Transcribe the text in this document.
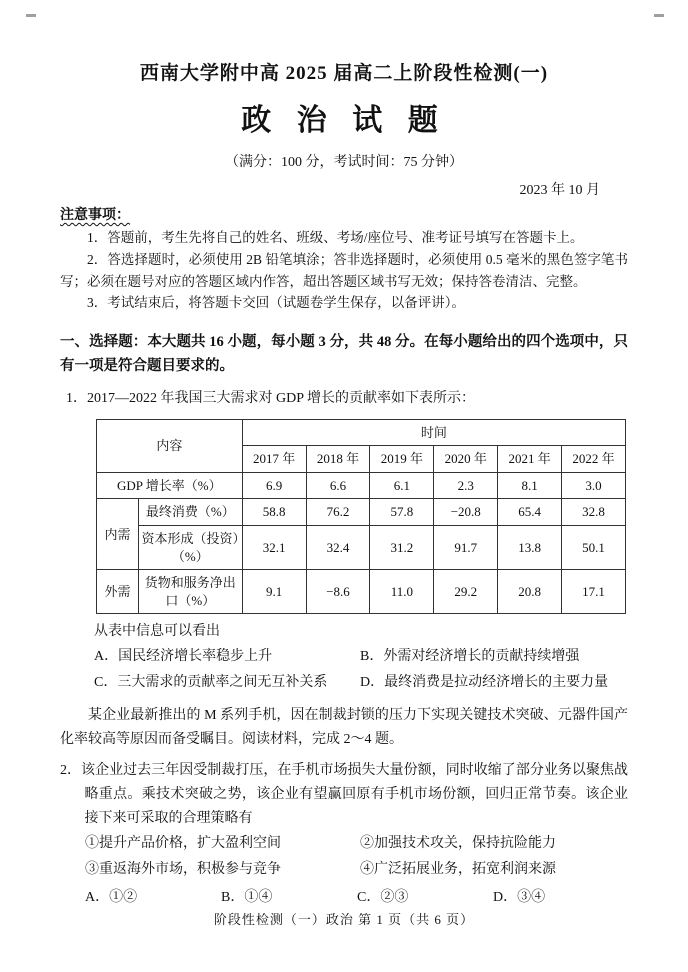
西南大学附中高 2025 届高二上阶段性检测(一)
政 治 试 题
（满分：100 分，考试时间：75 分钟）
2023 年 10 月
注意事项：

1．答题前，考生先将自己的姓名、班级、考场/座位号、准考证号填写在答题卡上。

2．答选择题时，必须使用 2B 铅笔填涂；答非选择题时，必须使用 0.5 毫米的黑色签字笔书写；必须在题号对应的答题区域内作答，超出答题区域书写无效；保持答卷清洁、完整。

3．考试结束后，将答题卡交回（试题卷学生保存，以备评讲）。

一、选择题：本大题共 16 小题，每小题 3 分，共 48 分。在每小题给出的四个选项中，只有一项是符合题目要求的。

1．2017—2022 年我国三大需求对 GDP 增长的贡献率如下表所示：

内容		时间					
		2017 年	2018 年	2019 年	2020 年	2021 年	2022 年
GDP 增长率（%）		6.9	6.6	6.1	2.3	8.1	3.0
内需	最终消费（%）	58.8	76.2	57.8	−20.8	65.4	32.8
	资本形成（投资）（%）	32.1	32.4	31.2	91.7	13.8	50.1
外需	货物和服务净出口（%）	9.1	−8.6	11.0	29.2	20.8	17.1

从表中信息可以看出

A．国民经济增长率稳步上升	B．外需对经济增长的贡献持续增强
C．三大需求的贡献率之间无互补关系	D．最终消费是拉动经济增长的主要力量

某企业最新推出的 M 系列手机，因在制裁封锁的压力下实现关键技术突破、元器件国产化率较高等原因而备受瞩目。阅读材料，完成 2～4 题。

2．该企业过去三年因受制裁打压，在手机市场损失大量份额，同时收缩了部分业务以聚焦战略重点。乘技术突破之势，该企业有望赢回原有手机市场份额，回归正常节奏。该企业接下来可采取的合理策略有

①提升产品价格，扩大盈利空间	②加强技术攻关，保持抗险能力
③重返海外市场，积极参与竞争	④广泛拓展业务，拓宽利润来源
A．①②	B．①④	C．②③	D．③④
阶段性检测（一）政治 第 1 页（共 6 页）
